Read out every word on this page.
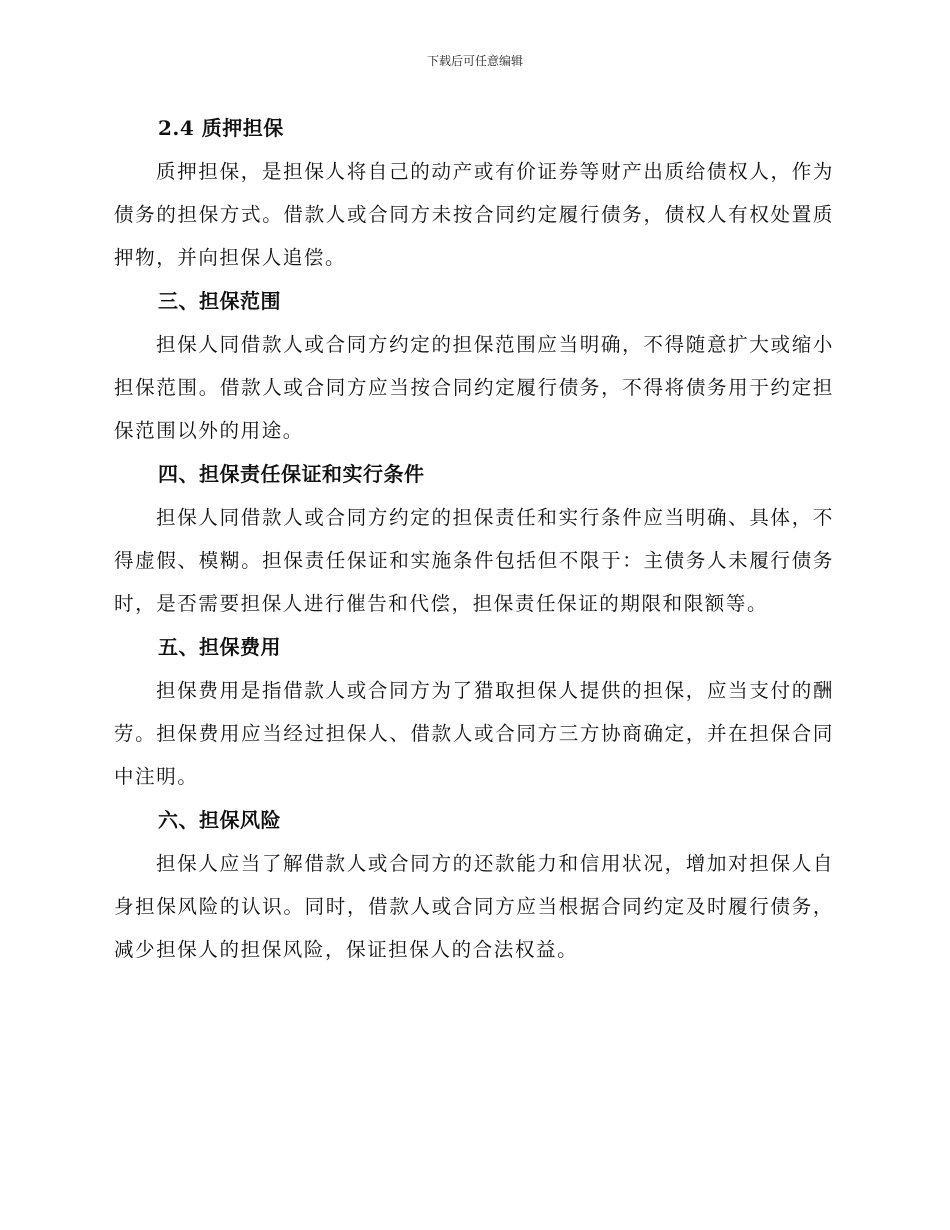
下载后可任意编辑
2.4 质押担保

质押担保，是担保人将自己的动产或有价证券等财产出质给债权人，作为债务的担保方式。借款人或合同方未按合同约定履行债务，债权人有权处置质押物，并向担保人追偿。

三、担保范围

担保人同借款人或合同方约定的担保范围应当明确，不得随意扩大或缩小担保范围。借款人或合同方应当按合同约定履行债务，不得将债务用于约定担保范围以外的用途。

四、担保责任保证和实行条件

担保人同借款人或合同方约定的担保责任和实行条件应当明确、具体，不得虚假、模糊。担保责任保证和实施条件包括但不限于：主债务人未履行债务时，是否需要担保人进行催告和代偿，担保责任保证的期限和限额等。

五、担保费用

担保费用是指借款人或合同方为了猎取担保人提供的担保，应当支付的酬劳。担保费用应当经过担保人、借款人或合同方三方协商确定，并在担保合同中注明。

六、担保风险

担保人应当了解借款人或合同方的还款能力和信用状况，增加对担保人自身担保风险的认识。同时，借款人或合同方应当根据合同约定及时履行债务，减少担保人的担保风险，保证担保人的合法权益。
